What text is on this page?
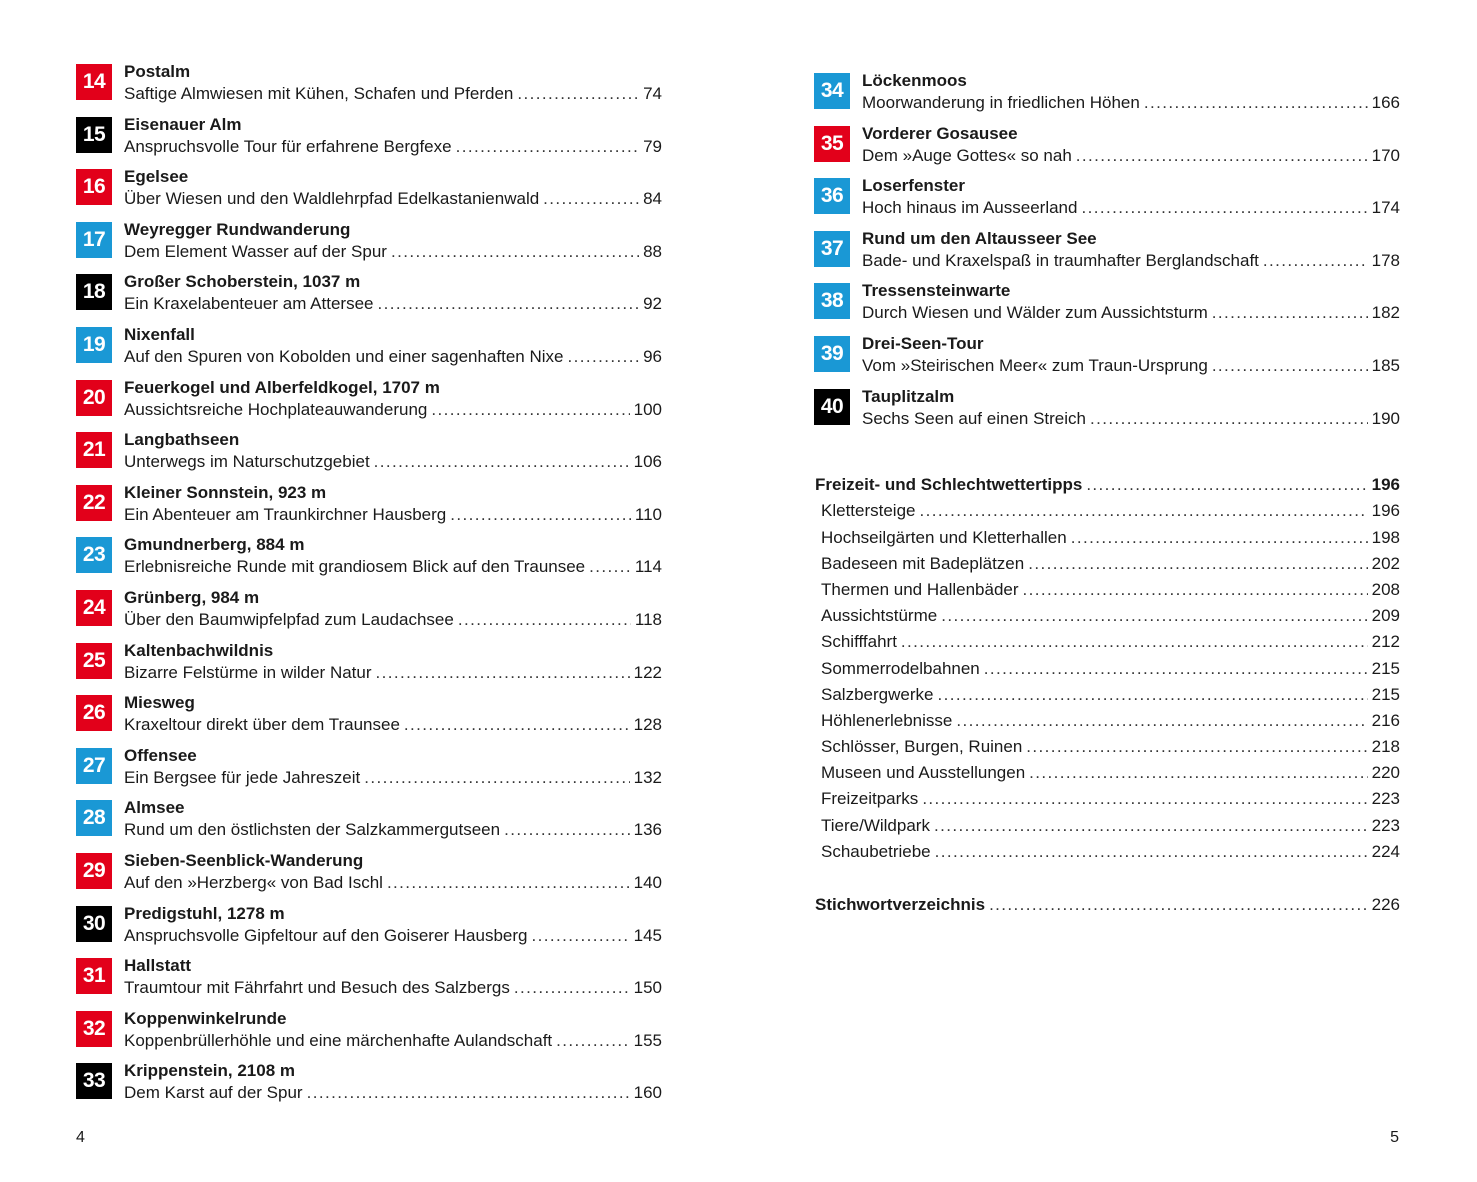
14	Postalm
Saftige Almwiesen mit Kühen, Schafen und Pferden .....	74
15	Eisenauer Alm
Anspruchsvolle Tour für erfahrene Bergfexe .....	79
16	Egelsee
Über Wiesen und den Waldlehrpfad Edelkastanienwald .....	84
17	Weyregger Rundwanderung
Dem Element Wasser auf der Spur .....	88
18	Großer Schoberstein, 1037 m
Ein Kraxelabenteuer am Attersee .....	92
19	Nixenfall
Auf den Spuren von Kobolden und einer sagenhaften Nixe .....	96
20	Feuerkogel und Alberfeldkogel, 1707 m
Aussichtsreiche Hochplateauwanderung .....	100
21	Langbathseen
Unterwegs im Naturschutzgebiet .....	106
22	Kleiner Sonnstein, 923 m
Ein Abenteuer am Traunkirchner Hausberg .....	110
23	Gmundnerberg, 884 m
Erlebnisreiche Runde mit grandiosem Blick auf den Traunsee .....	114
24	Grünberg, 984 m
Über den Baumwipfelpfad zum Laudachsee .....	118
25	Kaltenbachwildnis
Bizarre Felstürme in wilder Natur .....	122
26	Miesweg
Kraxeltour direkt über dem Traunsee .....	128
27	Offensee
Ein Bergsee für jede Jahreszeit .....	132
28	Almsee
Rund um den östlichsten der Salzkammergutseen .....	136
29	Sieben-Seenblick-Wanderung
Auf den »Herzberg« von Bad Ischl .....	140
30	Predigstuhl, 1278 m
Anspruchsvolle Gipfeltour auf den Goiserer Hausberg .....	145
31	Hallstatt
Traumtour mit Fährfahrt und Besuch des Salzbergs .....	150
32	Koppenwinkelrunde
Koppenbrüllerhöhle und eine märchenhafte Aulandschaft .....	155
33	Krippenstein, 2108 m
Dem Karst auf der Spur .....	160
4
34	Löckenmoos
Moorwanderung in friedlichen Höhen .....	166
35	Vorderer Gosausee
Dem »Auge Gottes« so nah .....	170
36	Loserfenster
Hoch hinaus im Ausseerland .....	174
37	Rund um den Altausseer See
Bade- und Kraxelspaß in traumhafter Berglandschaft .....	178
38	Tressensteinwarte
Durch Wiesen und Wälder zum Aussichtsturm .....	182
39	Drei-Seen-Tour
Vom »Steirischen Meer« zum Traun-Ursprung .....	185
40	Tauplitzalm
Sechs Seen auf einen Streich .....	190
Freizeit- und Schlechtwettertipps .....	196
Klettersteige .....	196
Hochseilgärten und Kletterhallen .....	198
Badeseen mit Badeplätzen .....	202
Thermen und Hallenbäder .....	208
Aussichtstürme .....	209
Schifffahrt .....	212
Sommerrodelbahnen .....	215
Salzbergwerke .....	215
Höhlenerlebnisse .....	216
Schlösser, Burgen, Ruinen .....	218
Museen und Ausstellungen .....	220
Freizeitparks .....	223
Tiere/Wildpark .....	223
Schaubetriebe .....	224
Stichwortverzeichnis .....	226
5
